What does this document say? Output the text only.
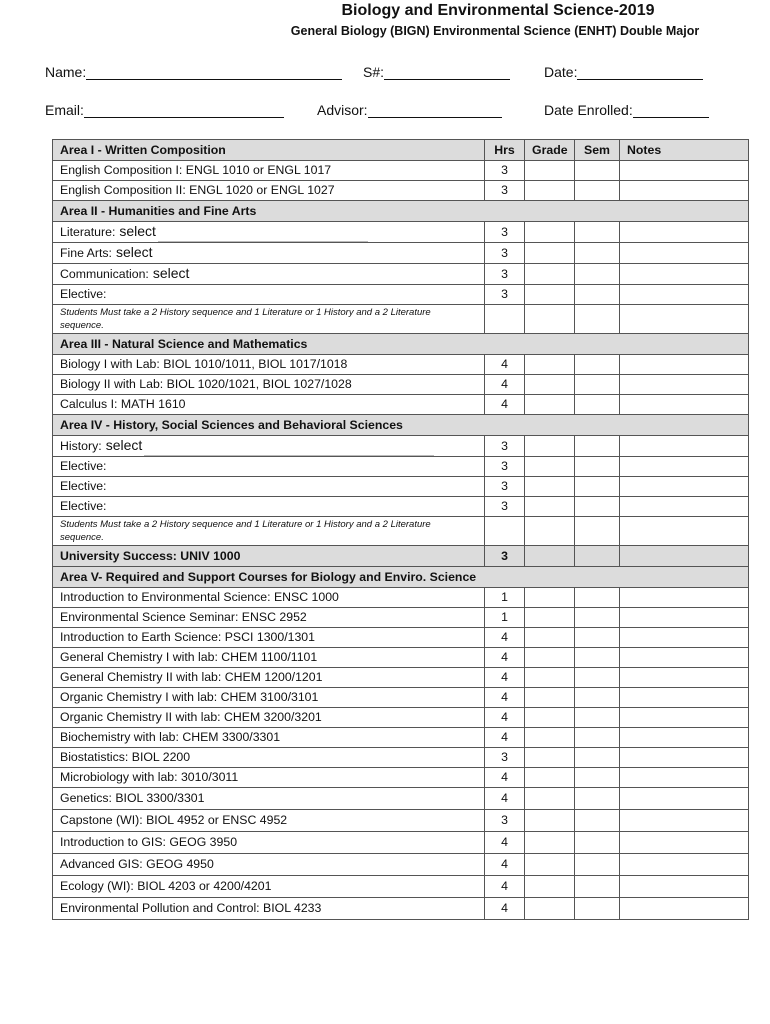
Biology and Environmental Science-2019
General Biology (BIGN) Environmental Science (ENHT) Double Major
Name:	S#:	Date:
Email:	Advisor:	Date Enrolled:
Area I - Written Composition	Hrs	Grade	Sem	Notes
English Composition I: ENGL 1010 or ENGL 1017	3			
English Composition II: ENGL 1020 or ENGL 1027	3			
Area II - Humanities and Fine Arts				
Literature: select	3			
Fine Arts: select	3			
Communication: select	3			
Elective:	3			
Students Must take a 2 History sequence and 1 Literature or 1 History and a 2 Literature sequence.				
Area III - Natural Science and Mathematics				
Biology I with Lab: BIOL 1010/1011, BIOL 1017/1018	4			
Biology II with Lab: BIOL 1020/1021, BIOL 1027/1028	4			
Calculus I: MATH 1610	4			
Area IV - History, Social Sciences and Behavioral Sciences				
History: select	3			
Elective:	3			
Elective:	3			
Elective:	3			
Students Must take a 2 History sequence and 1 Literature or 1 History and a 2 Literature sequence.				
University Success: UNIV 1000	3			
Area V- Required and Support Courses for Biology and Enviro. Science				
Introduction to Environmental Science: ENSC 1000	1			
Environmental Science Seminar: ENSC 2952	1			
Introduction to Earth Science: PSCI 1300/1301	4			
General Chemistry I with lab: CHEM 1100/1101	4			
General Chemistry II with lab: CHEM 1200/1201	4			
Organic Chemistry I with lab: CHEM 3100/3101	4			
Organic Chemistry II with lab: CHEM 3200/3201	4			
Biochemistry with lab: CHEM 3300/3301	4			
Biostatistics: BIOL 2200	3			
Microbiology with lab: 3010/3011	4			
Genetics: BIOL 3300/3301	4			
Capstone (WI): BIOL 4952 or ENSC 4952	3			
Introduction to GIS: GEOG 3950	4			
Advanced GIS: GEOG 4950	4			
Ecology (WI): BIOL 4203 or 4200/4201	4			
Environmental Pollution and Control: BIOL 4233	4			
